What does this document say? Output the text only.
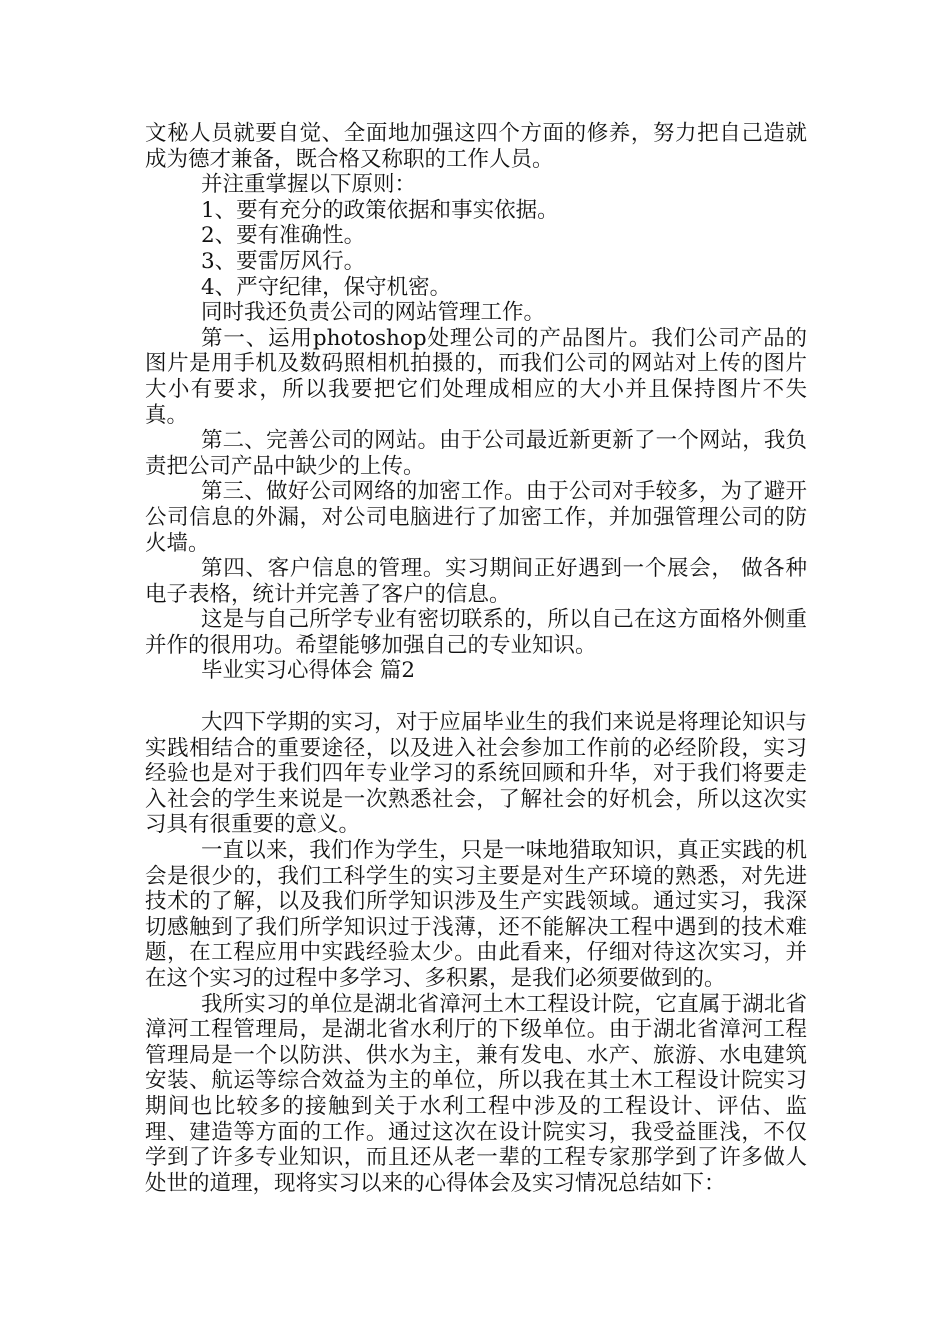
文秘人员就要自觉、全面地加强这四个方面的修养，努力把自己造就成为德才兼备，既合格又称职的工作人员。

并注重掌握以下原则：

1、要有充分的政策依据和事实依据。

2、要有准确性。

3、要雷厉风行。

4、严守纪律，保守机密。

同时我还负责公司的网站管理工作。

第一、运用photoshop处理公司的产品图片。我们公司产品的图片是用手机及数码照相机拍摄的，而我们公司的网站对上传的图片大小有要求，所以我要把它们处理成相应的大小并且保持图片不失真。

第二、完善公司的网站。由于公司最近新更新了一个网站，我负责把公司产品中缺少的上传。

第三、做好公司网络的加密工作。由于公司对手较多，为了避开公司信息的外漏，对公司电脑进行了加密工作，并加强管理公司的防火墙。

第四、客户信息的管理。实习期间正好遇到一个展会， 做各种电子表格，统计并完善了客户的信息。

这是与自己所学专业有密切联系的，所以自己在这方面格外侧重并作的很用功。希望能够加强自己的专业知识。

毕业实习心得体会 篇2

大四下学期的实习，对于应届毕业生的我们来说是将理论知识与实践相结合的重要途径，以及进入社会参加工作前的必经阶段，实习经验也是对于我们四年专业学习的系统回顾和升华，对于我们将要走入社会的学生来说是一次熟悉社会，了解社会的好机会，所以这次实习具有很重要的意义。

一直以来，我们作为学生，只是一味地猎取知识，真正实践的机会是很少的，我们工科学生的实习主要是对生产环境的熟悉，对先进技术的了解，以及我们所学知识涉及生产实践领域。通过实习，我深切感触到了我们所学知识过于浅薄，还不能解决工程中遇到的技术难题，在工程应用中实践经验太少。由此看来，仔细对待这次实习，并在这个实习的过程中多学习、多积累，是我们必须要做到的。

我所实习的单位是湖北省漳河土木工程设计院，它直属于湖北省漳河工程管理局，是湖北省水利厅的下级单位。由于湖北省漳河工程管理局是一个以防洪、供水为主，兼有发电、水产、旅游、水电建筑安装、航运等综合效益为主的单位，所以我在其土木工程设计院实习期间也比较多的接触到关于水利工程中涉及的工程设计、评估、监理、建造等方面的工作。通过这次在设计院实习，我受益匪浅，不仅学到了许多专业知识，而且还从老一辈的工程专家那学到了许多做人处世的道理，现将实习以来的心得体会及实习情况总结如下：
